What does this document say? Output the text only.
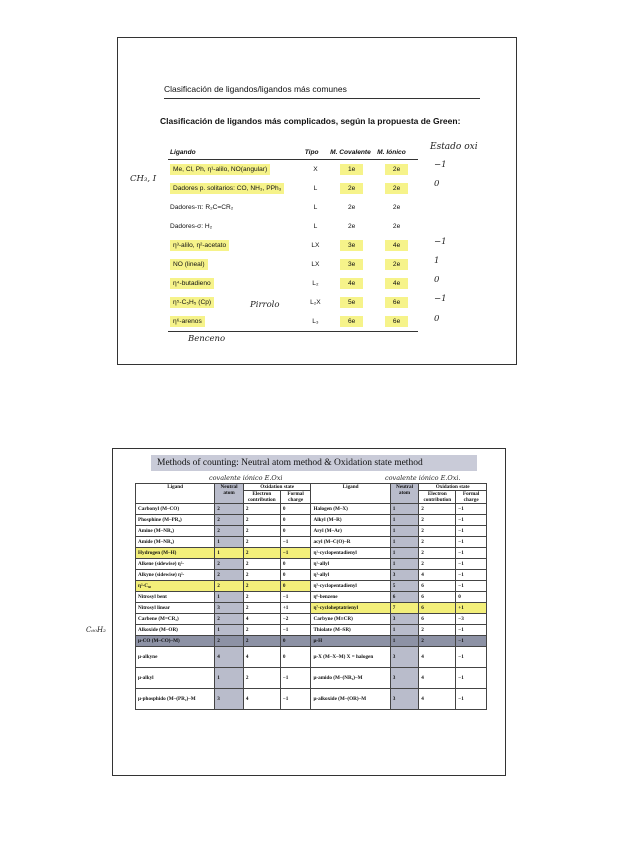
Clasificación de ligandos/ligandos más comunes
Clasificación de ligandos más complicados, según la propuesta de Green:
Estado oxi
Ligando	Tipo	M. Covalente	M. Iónico
Me, Cl, Ph, η¹-alilo, NO(angular)	X	1e	2e
Dadores p. solitarios: CO, NH₃, PPh₃	L	2e	2e
Dadores-π: R₂C=CR₂	L	2e	2e
Dadores-σ: H₂	L	2e	2e
η³-alilo, η²-acetato	LX	3e	4e
NO (lineal)	LX	3e	2e
η⁴-butadieno	L₂	4e	4e
η⁵-C₅H₅ (Cp)	L₂X	5e	6e
η⁶-arenos	L₃	6e	6e
CH₃, I
Pirrolo
Benceno
−1
0
−1
1
0
−1
0
Methods of counting: Neutral atom method & Oxidation state method
covalente iónico E.Oxi	covalente iónico E.Oxi.
Ligand	Neutral atom	Oxidation state		Ligand	Neutral atom	Oxidation state	
		Electron contribution	Formal charge			Electron contribution	Formal charge
Carbonyl (M–CO)	2	2	0	Halogen (M–X)	1	2	−1
Phosphine (M–PR₃)	2	2	0	Alkyl (M–R)	1	2	−1
Amine (M–NR₃)	2	2	0	Aryl (M–Ar)	1	2	−1
Amide (M–NR₂)	1	2	−1	acyl (M–C(O)–R	1	2	−1
Hydrogen (M–H)	1	2	−1	η¹-cyclopentadienyl	1	2	−1
Alkene (sidewise) η²-	2	2	0	η¹-allyl	1	2	−1
Alkyne (sidewise) η²-	2	2	0	η³-allyl	3	4	−1
η²-C₆₀	2	2	0	η⁵-cyclopentadienyl	5	6	−1
Nitrosyl bent	1	2	−1	η⁶-benzene	6	6	0
Nitrosyl linear	3	2	+1	η⁷-cycloheptatrienyl	7	6	+1
Carbene (M=CR₂)	2	4	−2	Carbyne (M≡CR)	3	6	−3
Alkoxide (M–OR)	1	2	−1	Thiolate (M–SR)	1	2	−1
μ-CO (M–CO)–M)	2	2	0	μ-H	1	2	−1
μ-alkyne	4	4	0	μ-X (M–X–M) X = halogen	3	4	−1
μ-alkyl	1	2	−1	μ-amido (M–(NR₂)–M	3	4	−1
μ-phosphido (M–(PR₂)–M	3	4	−1	μ-alkoxide (M–(OR)–M	3	4	−1
C₆₀H₂
